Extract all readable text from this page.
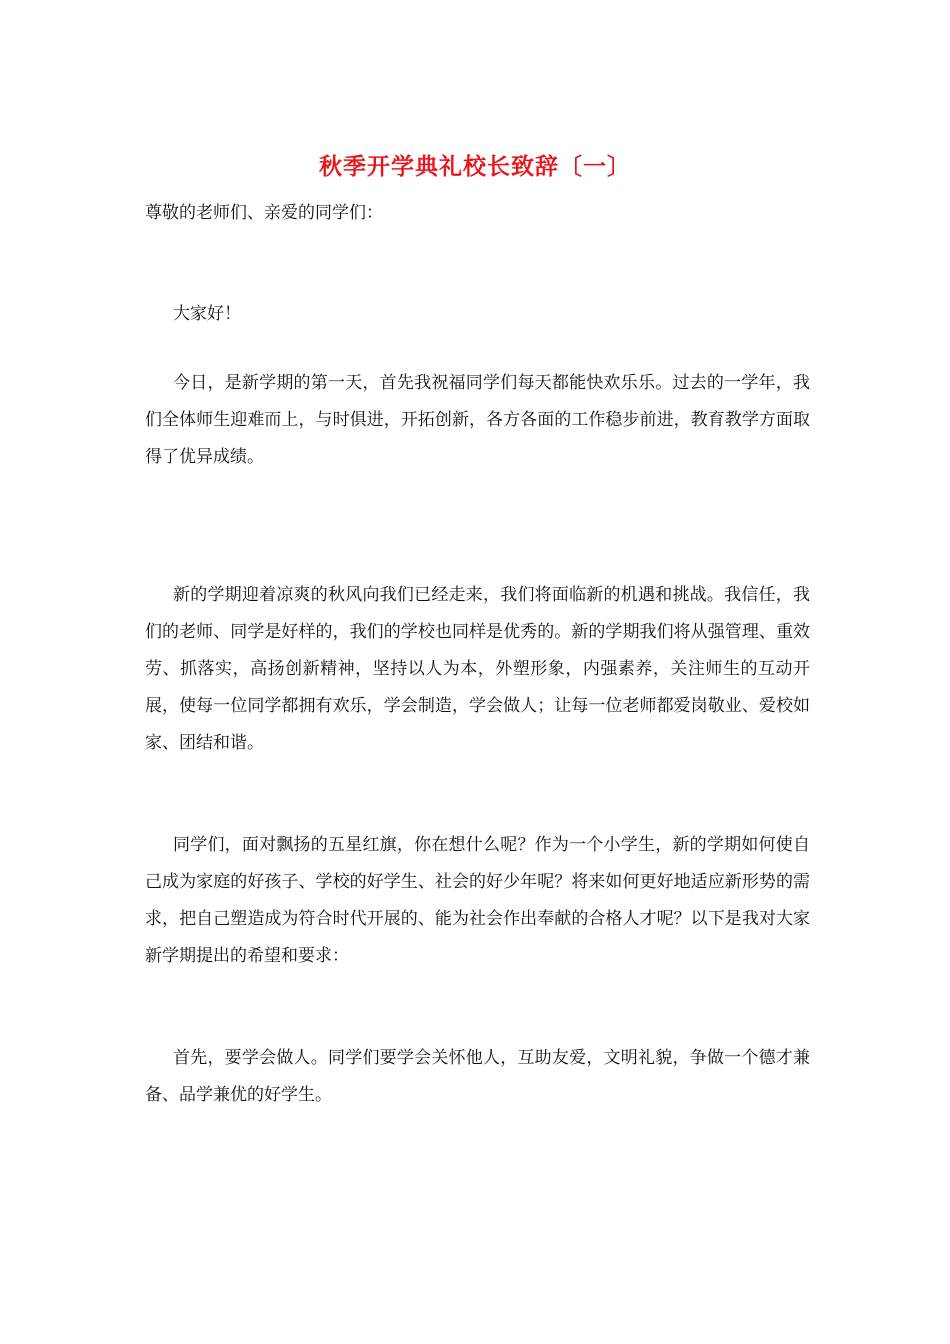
秋季开学典礼校长致辞〔一〕
尊敬的老师们、亲爱的同学们：
大家好！
今日，是新学期的第一天，首先我祝福同学们每天都能快欢乐乐。过去的一学年，我们全体师生迎难而上，与时俱进，开拓创新，各方各面的工作稳步前进，教育教学方面取得了优异成绩。
新的学期迎着凉爽的秋风向我们已经走来，我们将面临新的机遇和挑战。我信任，我们的老师、同学是好样的，我们的学校也同样是优秀的。新的学期我们将从强管理、重效劳、抓落实，高扬创新精神，坚持以人为本，外塑形象，内强素养，关注师生的互动开展，使每一位同学都拥有欢乐，学会制造，学会做人；让每一位老师都爱岗敬业、爱校如家、团结和谐。
同学们，面对飘扬的五星红旗，你在想什么呢？作为一个小学生，新的学期如何使自己成为家庭的好孩子、学校的好学生、社会的好少年呢？将来如何更好地适应新形势的需求，把自己塑造成为符合时代开展的、能为社会作出奉献的合格人才呢？以下是我对大家新学期提出的希望和要求：
首先，要学会做人。同学们要学会关怀他人，互助友爱，文明礼貌，争做一个德才兼备、品学兼优的好学生。
